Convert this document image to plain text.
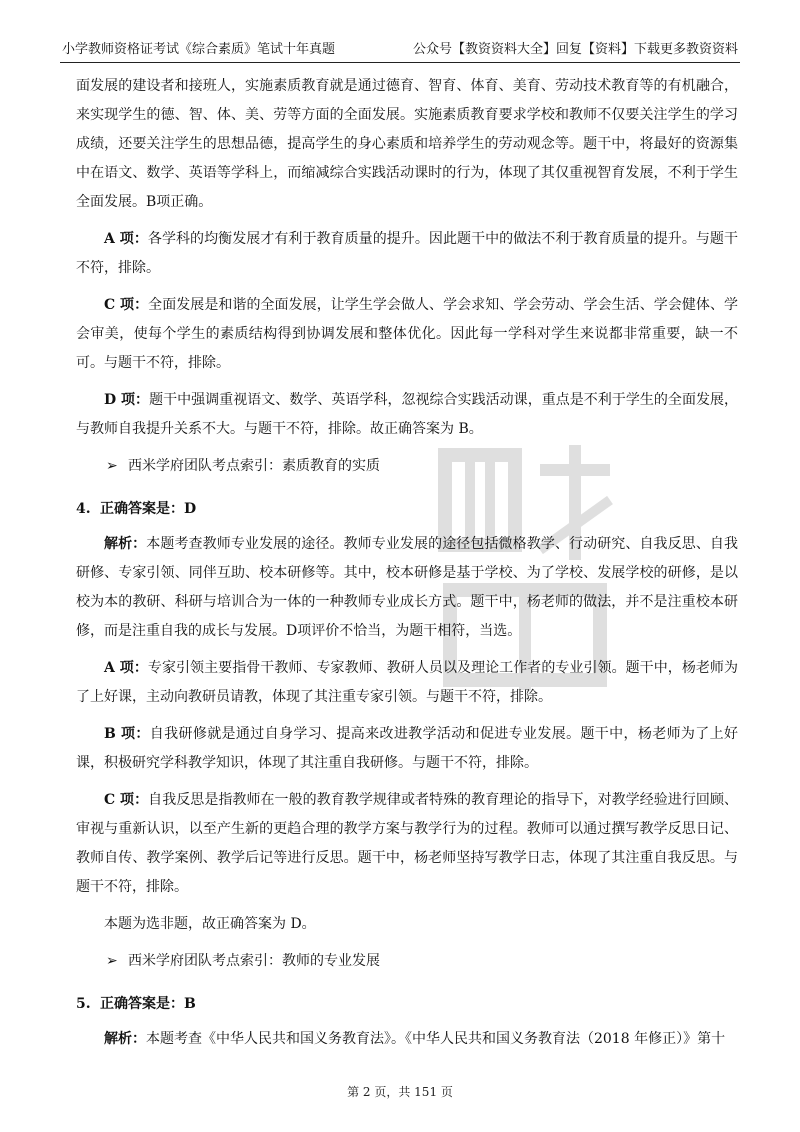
小学教师资格证考试《综合素质》笔试十年真题	公众号【教资资料大全】回复【资料】下载更多教资资料

面发展的建设者和接班人，实施素质教育就是通过德育、智育、体育、美育、劳动技术教育等的有机融合，来实现学生的德、智、体、美、劳等方面的全面发展。实施素质教育要求学校和教师不仅要关注学生的学习成绩，还要关注学生的思想品德，提高学生的身心素质和培养学生的劳动观念等。题干中，将最好的资源集中在语文、数学、英语等学科上，而缩减综合实践活动课时的行为，体现了其仅重视智育发展，不利于学生全面发展。B项正确。

A 项：各学科的均衡发展才有利于教育质量的提升。因此题干中的做法不利于教育质量的提升。与题干不符，排除。

C 项：全面发展是和谐的全面发展，让学生学会做人、学会求知、学会劳动、学会生活、学会健体、学会审美，使每个学生的素质结构得到协调发展和整体优化。因此每一学科对学生来说都非常重要，缺一不可。与题干不符，排除。

D 项：题干中强调重视语文、数学、英语学科，忽视综合实践活动课，重点是不利于学生的全面发展，与教师自我提升关系不大。与题干不符，排除。故正确答案为 B。

➢ 西米学府团队考点索引：素质教育的实质

4. 正确答案是：D

解析：本题考查教师专业发展的途径。教师专业发展的途径包括微格教学、行动研究、自我反思、自我研修、专家引领、同伴互助、校本研修等。其中，校本研修是基于学校、为了学校、发展学校的研修，是以校为本的教研、科研与培训合为一体的一种教师专业成长方式。题干中，杨老师的做法，并不是注重校本研修，而是注重自我的成长与发展。D项评价不恰当，为题干相符，当选。

A 项：专家引领主要指骨干教师、专家教师、教研人员以及理论工作者的专业引领。题干中，杨老师为了上好课，主动向教研员请教，体现了其注重专家引领。与题干不符，排除。

B 项：自我研修就是通过自身学习、提高来改进教学活动和促进专业发展。题干中，杨老师为了上好课，积极研究学科教学知识，体现了其注重自我研修。与题干不符，排除。

C 项：自我反思是指教师在一般的教育教学规律或者特殊的教育理论的指导下，对教学经验进行回顾、审视与重新认识，以至产生新的更趋合理的教学方案与教学行为的过程。教师可以通过撰写教学反思日记、教师自传、教学案例、教学后记等进行反思。题干中，杨老师坚持写教学日志，体现了其注重自我反思。与题干不符，排除。

本题为选非题，故正确答案为 D。

➢ 西米学府团队考点索引：教师的专业发展

5. 正确答案是：B

解析：本题考查《中华人民共和国义务教育法》。《中华人民共和国义务教育法（2018 年修正）》第十

第 2 页，共 151 页
